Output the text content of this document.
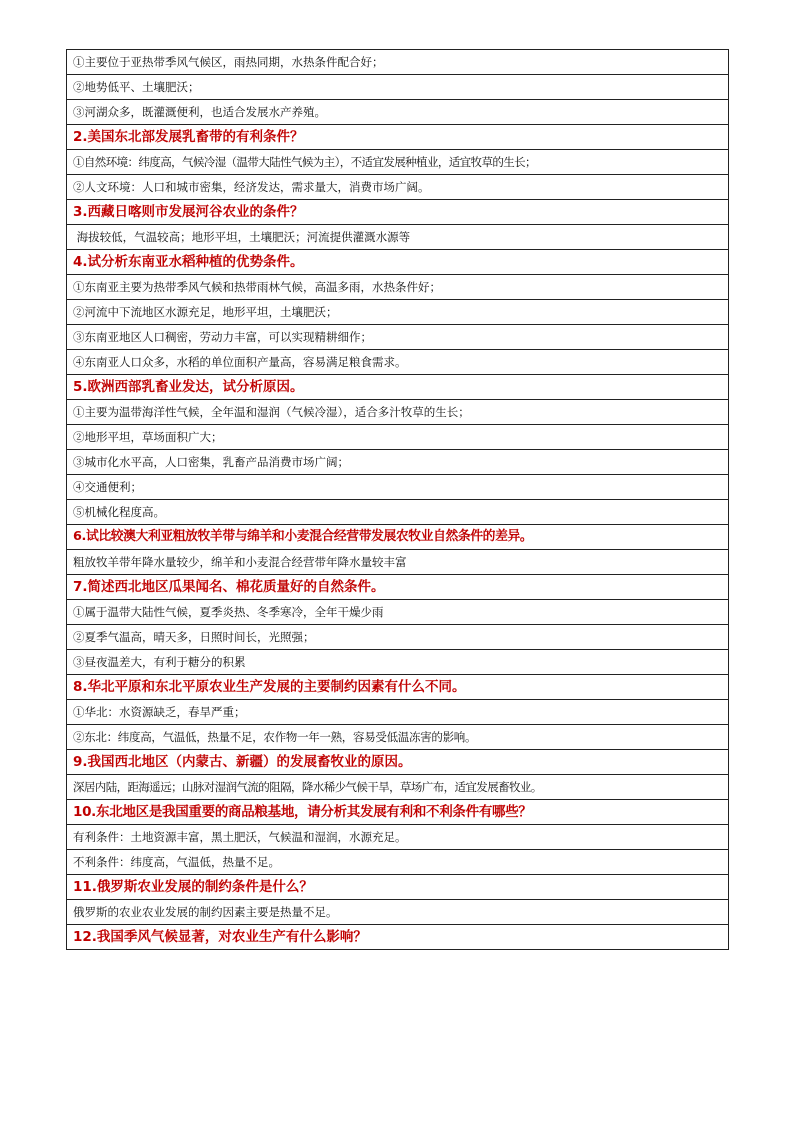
①主要位于亚热带季风气候区，雨热同期，水热条件配合好；
②地势低平、土壤肥沃；
③河湖众多，既灌溉便利，也适合发展水产养殖。
2.美国东北部发展乳畜带的有利条件？
①自然环境：纬度高，气候冷湿（温带大陆性气候为主），不适宜发展种植业，适宜牧草的生长；
②人文环境：人口和城市密集，经济发达，需求量大，消费市场广阔。
3.西藏日喀则市发展河谷农业的条件？
海拔较低，气温较高；地形平坦，土壤肥沃；河流提供灌溉水源等
4.试分析东南亚水稻种植的优势条件。
①东南亚主要为热带季风气候和热带雨林气候，高温多雨，水热条件好；
②河流中下流地区水源充足，地形平坦，土壤肥沃；
③东南亚地区人口稠密，劳动力丰富，可以实现精耕细作；
④东南亚人口众多，水稻的单位面积产量高，容易满足粮食需求。
5.欧洲西部乳畜业发达，试分析原因。
①主要为温带海洋性气候，全年温和湿润（气候冷湿），适合多汁牧草的生长；
②地形平坦，草场面积广大；
③城市化水平高，人口密集，乳畜产品消费市场广阔；
④交通便利；
⑤机械化程度高。
6.试比较澳大利亚粗放牧羊带与绵羊和小麦混合经营带发展农牧业自然条件的差异。
粗放牧羊带年降水量较少，绵羊和小麦混合经营带年降水量较丰富
7.简述西北地区瓜果闻名、棉花质量好的自然条件。
①属于温带大陆性气候，夏季炎热、冬季寒冷，全年干燥少雨
②夏季气温高，晴天多，日照时间长，光照强；
③昼夜温差大，有利于糖分的积累
8.华北平原和东北平原农业生产发展的主要制约因素有什么不同。
①华北：水资源缺乏，春旱严重；
②东北：纬度高，气温低，热量不足，农作物一年一熟，容易受低温冻害的影响。
9.我国西北地区（内蒙古、新疆）的发展畜牧业的原因。
深居内陆，距海遥远；山脉对湿润气流的阻隔，降水稀少气候干旱，草场广布，适宜发展畜牧业。
10.东北地区是我国重要的商品粮基地，请分析其发展有利和不利条件有哪些？
有利条件：土地资源丰富，黑土肥沃，气候温和湿润，水源充足。
不利条件：纬度高，气温低，热量不足。
11.俄罗斯农业发展的制约条件是什么？
俄罗斯的农业农业发展的制约因素主要是热量不足。
12.我国季风气候显著，对农业生产有什么影响？
